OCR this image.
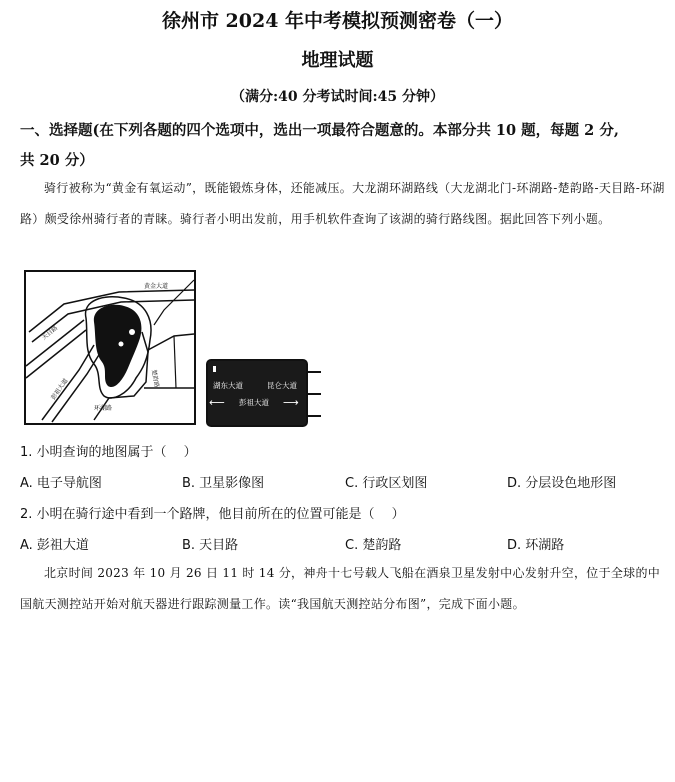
徐州市 2024 年中考模拟预测密卷（一）
地理试题
（满分:40 分考试时间:45 分钟）
一、选择题(在下列各题的四个选项中，选出一项最符合题意的。本部分共 10 题，每题 2 分,
共 20 分）

骑行被称为“黄金有氧运动”，既能锻炼身体，还能减压。大龙湖环湖路线（大龙湖北门-环湖路-楚韵路-天目路-环湖路）颇受徐州骑行者的青睐。骑行者小明出发前，用手机软件查询了该湖的骑行路线图。据此回答下列小题。

黄金大道
天目路
彭祖大道	楚韵路
环湖路
湖东大道	昆仑大道
⟵ 彭祖大道 ⟶
1. 小明查询的地图属于（　 ）
A. 电子导航图	B. 卫星影像图	C. 行政区划图	D. 分层设色地形图
2. 小明在骑行途中看到一个路牌，他目前所在的位置可能是（　 ）
A. 彭祖大道	B. 天目路	C. 楚韵路	D. 环湖路

北京时间 2023 年 10 月 26 日 11 时 14 分，神舟十七号载人飞船在酒泉卫星发射中心发射升空，位于全球的中国航天测控站开始对航天器进行跟踪测量工作。读“我国航天测控站分布图”，完成下面小题。
